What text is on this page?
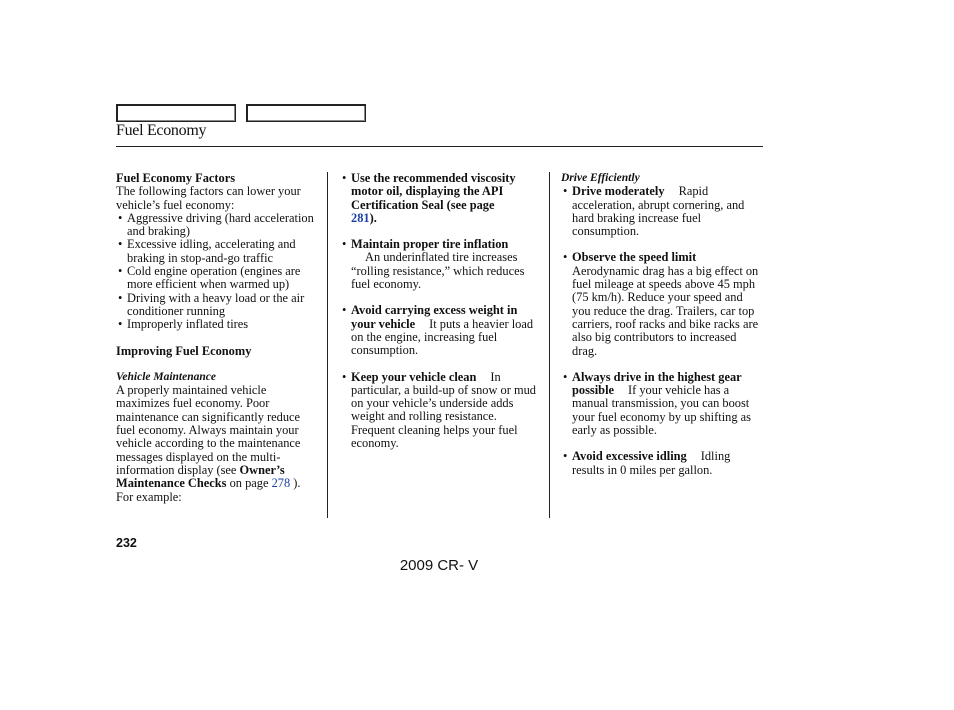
Fuel Economy

Fuel Economy Factors

The following factors can lower your vehicle’s fuel economy:

• Aggressive driving (hard acceleration and braking)
• Excessive idling, accelerating and braking in stop-and-go traffic
• Cold engine operation (engines are more efficient when warmed up)
• Driving with a heavy load or the air conditioner running
• Improperly inflated tires

Improving Fuel Economy

Vehicle Maintenance

A properly maintained vehicle maximizes fuel economy. Poor maintenance can significantly reduce fuel economy. Always maintain your vehicle according to the maintenance messages displayed on the multi-information display (see Owner’s Maintenance Checks on page 278 ).

For example:

• Use the recommended viscosity motor oil, displaying the API Certification Seal (see page
281).
• Maintain proper tire inflation
An underinflated tire increases “rolling resistance,” which reduces fuel economy.
• Avoid carrying excess weight in your vehicle It puts a heavier load on the engine, increasing fuel consumption.
• Keep your vehicle clean In particular, a build-up of snow or mud on your vehicle’s underside adds weight and rolling resistance. Frequent cleaning helps your fuel economy.

Drive Efficiently

• Drive moderately Rapid acceleration, abrupt cornering, and hard braking increase fuel consumption.
• Observe the speed limit
Aerodynamic drag has a big effect on fuel mileage at speeds above 45 mph (75 km/h). Reduce your speed and you reduce the drag. Trailers, car top carriers, roof racks and bike racks are also big contributors to increased drag.
• Always drive in the highest gear possible If your vehicle has a manual transmission, you can boost your fuel economy by up shifting as early as possible.
• Avoid excessive idling Idling results in 0 miles per gallon.
232
2009 CR- V
